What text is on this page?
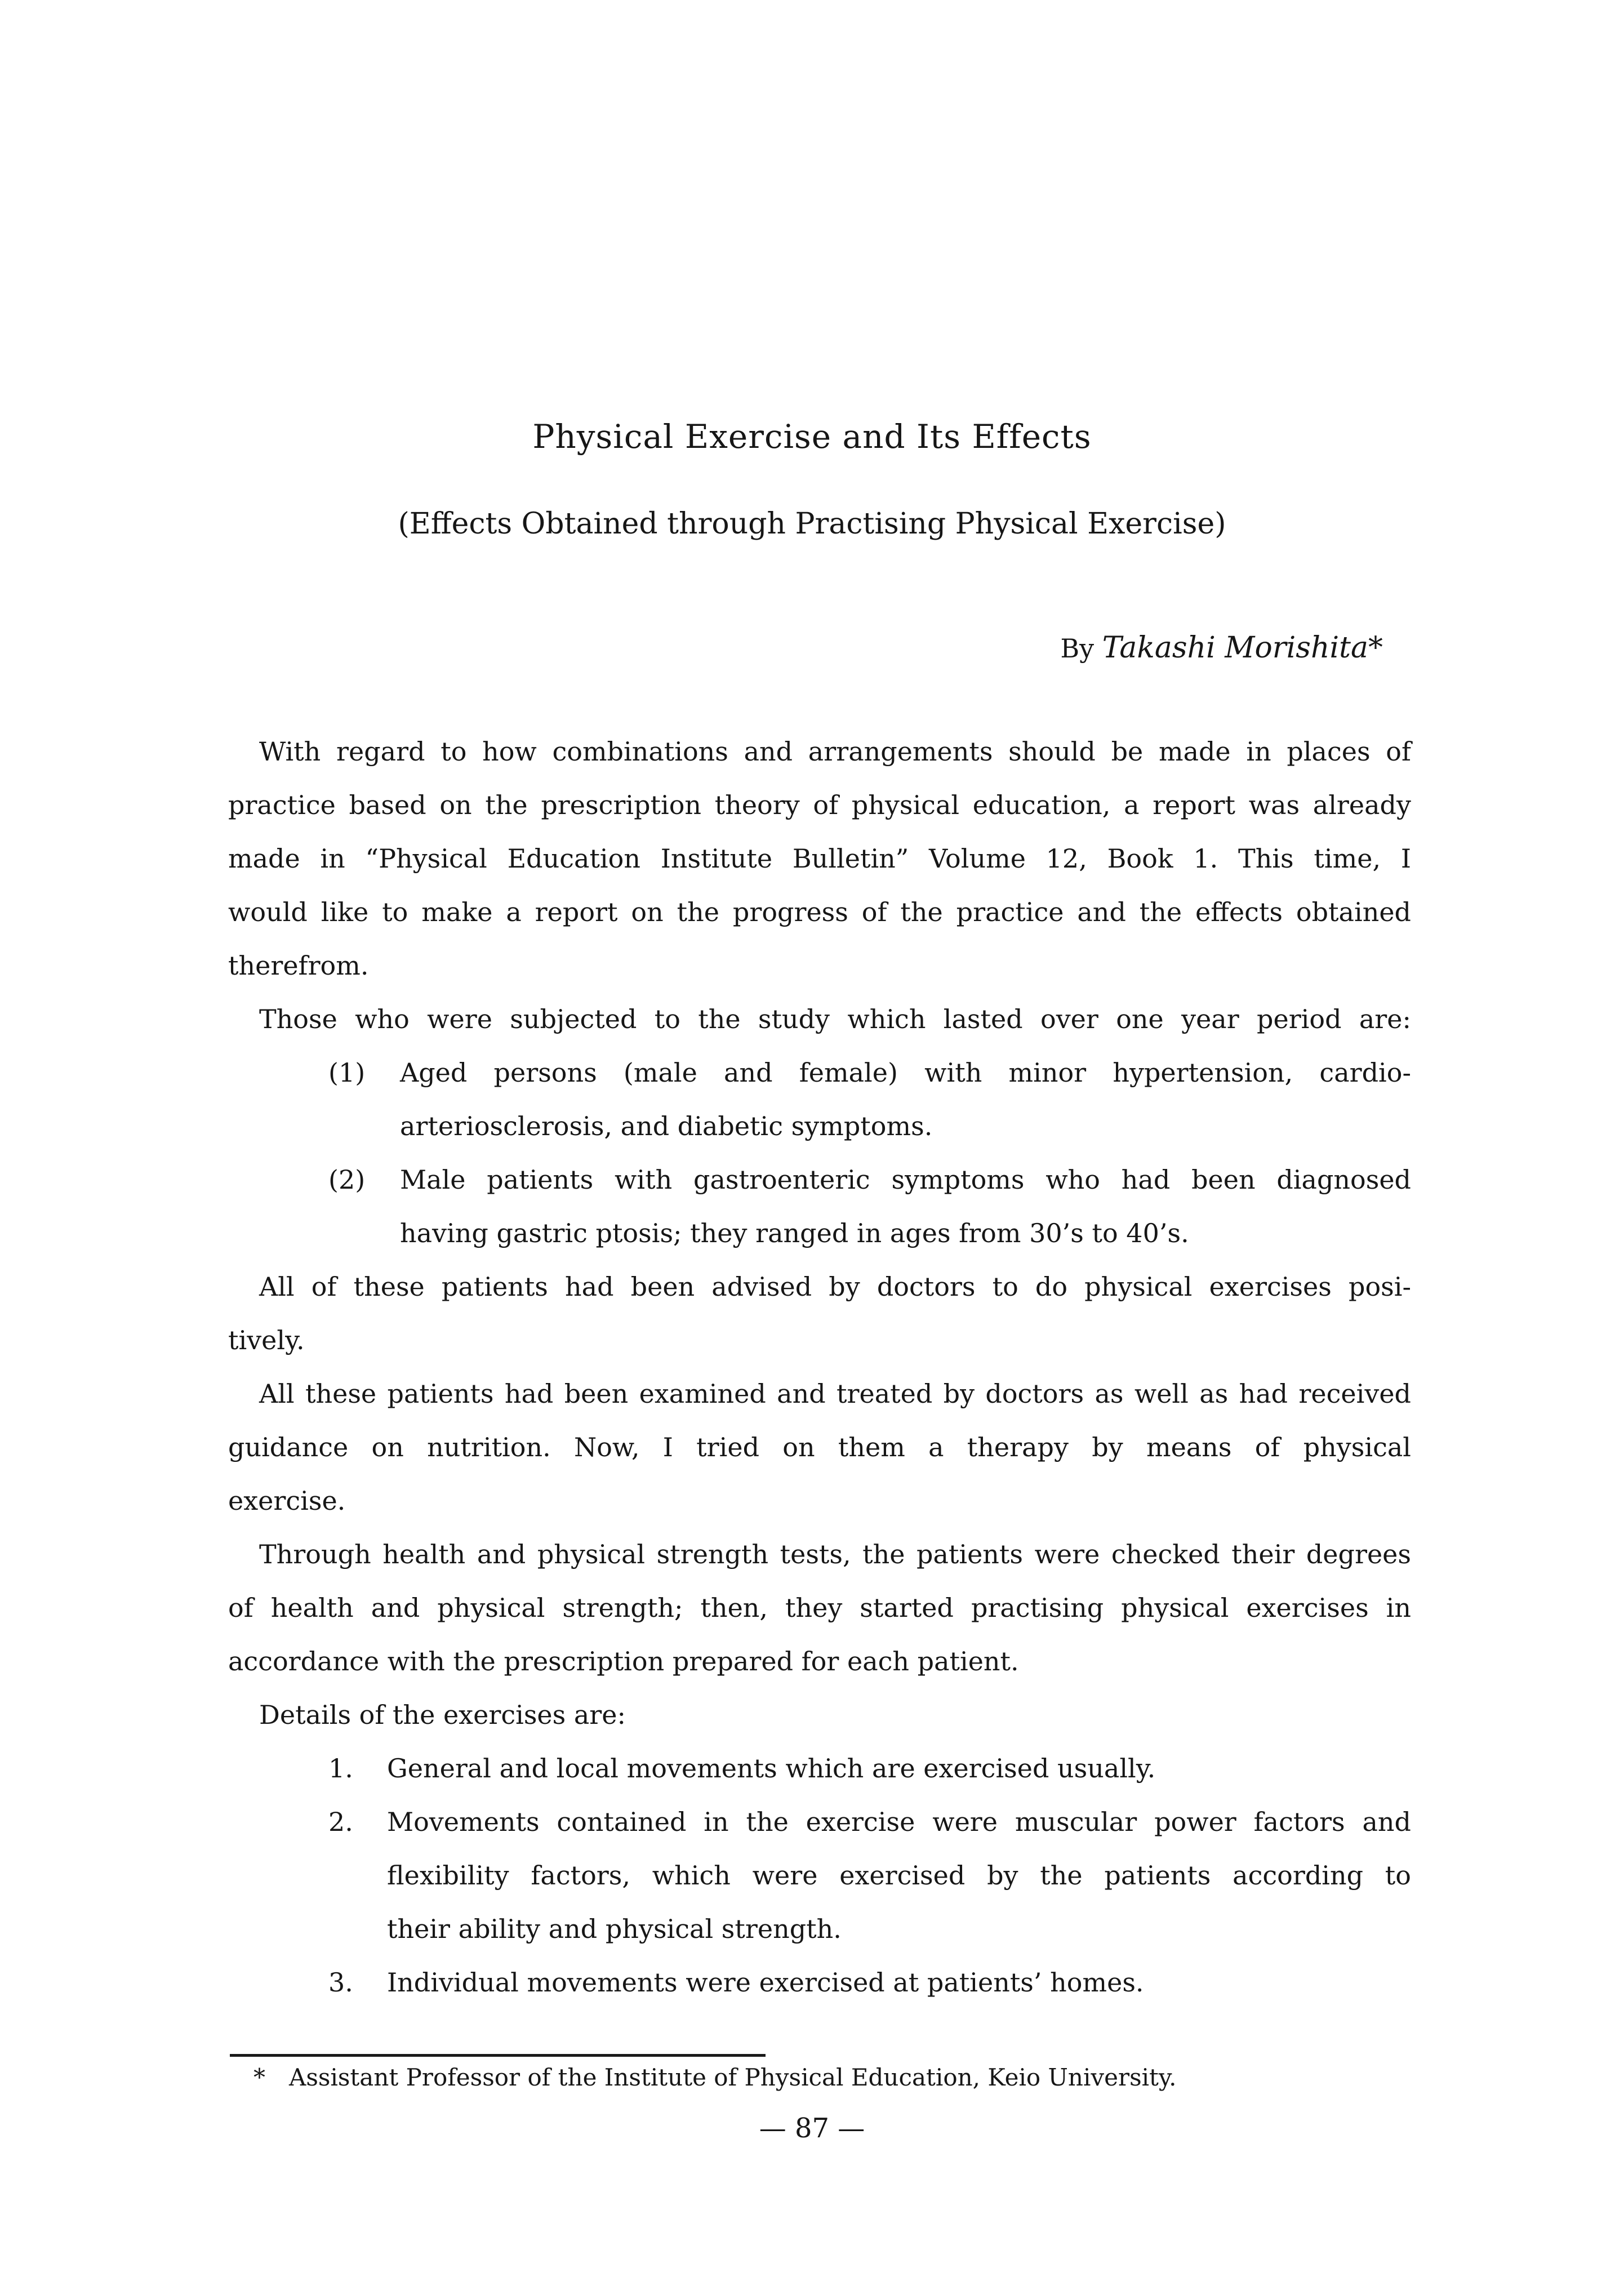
Physical Exercise and Its Effects
(Effects Obtained through Practising Physical Exercise)
By Takashi Morishita*
With regard to how combinations and arrangements should be made in places of
practice based on the prescription theory of physical education, a report was already
made in “Physical Education Institute Bulletin” Volume 12, Book 1. This time, I
would like to make a report on the progress of the practice and the effects obtained
therefrom.
Those who were subjected to the study which lasted over one year period are:
(1) Aged persons (male and female) with minor hypertension, cardio-
arteriosclerosis, and diabetic symptoms.
(2) Male patients with gastroenteric symptoms who had been diagnosed
having gastric ptosis; they ranged in ages from 30’s to 40’s.
All of these patients had been advised by doctors to do physical exercises posi-
tively.
All these patients had been examined and treated by doctors as well as had received
guidance on nutrition. Now, I tried on them a therapy by means of physical
exercise.
Through health and physical strength tests, the patients were checked their degrees
of health and physical strength; then, they started practising physical exercises in
accordance with the prescription prepared for each patient.
Details of the exercises are:
1. General and local movements which are exercised usually.
2. Movements contained in the exercise were muscular power factors and
flexibility factors, which were exercised by the patients according to
their ability and physical strength.
3. Individual movements were exercised at patients’ homes.
* Assistant Professor of the Institute of Physical Education, Keio University.
— 87 —
